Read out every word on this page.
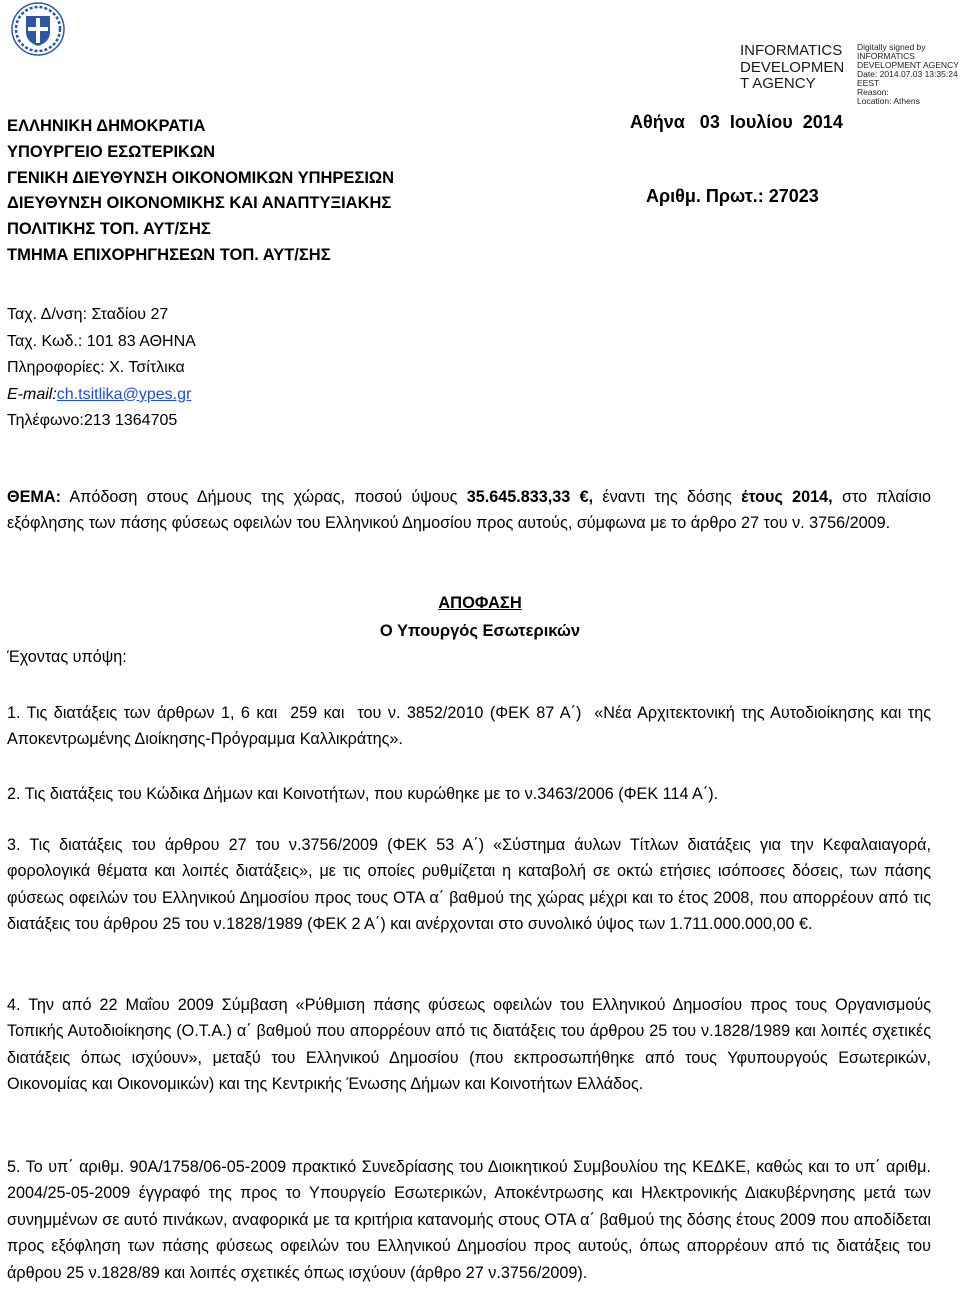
INFORMATICS
DEVELOPMEN
T AGENCY
Digitally signed by
INFORMATICS
DEVELOPMENT AGENCY
Date: 2014.07.03 13:35:24
EEST
Reason:
Location: Athens
ΕΛΛΗΝΙΚΗ ΔΗΜΟΚΡΑΤΙΑ
ΥΠΟΥΡΓΕΙΟ ΕΣΩΤΕΡΙΚΩΝ
ΓΕΝΙΚΗ ΔΙΕΥΘΥΝΣΗ ΟΙΚΟΝΟΜΙΚΩΝ ΥΠΗΡΕΣΙΩΝ
ΔΙΕΥΘΥΝΣΗ ΟΙΚΟΝΟΜΙΚΗΣ ΚΑΙ ΑΝΑΠΤΥΞΙΑΚΗΣ
ΠΟΛΙΤΙΚΗΣ ΤΟΠ. ΑΥΤ/ΣΗΣ
ΤΜΗΜΑ ΕΠΙΧΟΡΗΓΗΣΕΩΝ ΤΟΠ. ΑΥΤ/ΣΗΣ
Αθήνα   03  Ιουλίου  2014
Αριθμ. Πρωτ.: 27023
Ταχ. Δ/νση: Σταδίου 27
Ταχ. Κωδ.: 101 83 ΑΘΗΝΑ
Πληροφορίες: Χ. Τσίτλικα
E-mail:ch.tsitlika@ypes.gr
Τηλέφωνο:213 1364705
ΘΕΜΑ: Απόδοση στους Δήμους της χώρας, ποσού ύψους 35.645.833,33 €, έναντι της δόσης έτους 2014, στο πλαίσιο εξόφλησης των πάσης φύσεως οφειλών του Ελληνικού Δημοσίου προς αυτούς, σύμφωνα με το άρθρο 27 του ν. 3756/2009.
ΑΠΟΦΑΣΗ
Ο Υπουργός Εσωτερικών
Έχοντας υπόψη:
1. Τις διατάξεις των άρθρων 1, 6 και  259 και  του ν. 3852/2010 (ΦΕΚ 87 Α΄)  «Νέα Αρχιτεκτονική της Αυτοδιοίκησης και της Αποκεντρωμένης Διοίκησης-Πρόγραμμα Καλλικράτης».
2. Τις διατάξεις του Κώδικα Δήμων και Κοινοτήτων, που κυρώθηκε με το ν.3463/2006 (ΦΕΚ 114 Α΄).
3. Τις διατάξεις του άρθρου 27 του ν.3756/2009 (ΦΕΚ 53 Α΄) «Σύστημα άυλων Τίτλων διατάξεις για την Κεφαλαιαγορά, φορολογικά θέματα και λοιπές διατάξεις», με τις οποίες ρυθμίζεται η καταβολή σε οκτώ ετήσιες ισόποσες δόσεις, των πάσης φύσεως οφειλών του Ελληνικού Δημοσίου προς τους ΟΤΑ α΄ βαθμού της χώρας μέχρι και το έτος 2008, που απορρέουν από τις διατάξεις του άρθρου 25 του ν.1828/1989 (ΦΕΚ 2 Α΄) και ανέρχονται στο συνολικό ύψος των 1.711.000.000,00 €.
4. Την από 22 Μαΐου 2009 Σύμβαση «Ρύθμιση πάσης φύσεως οφειλών του Ελληνικού Δημοσίου προς τους Οργανισμούς Τοπικής Αυτοδιοίκησης (Ο.Τ.Α.) α΄ βαθμού που απορρέουν από τις διατάξεις του άρθρου 25 του ν.1828/1989 και λοιπές σχετικές διατάξεις όπως ισχύουν», μεταξύ του Ελληνικού Δημοσίου (που εκπροσωπήθηκε από τους Υφυπουργούς Εσωτερικών, Οικονομίας και Οικονομικών) και της Κεντρικής Ένωσης Δήμων και Κοινοτήτων Ελλάδος.
5. Το υπ΄ αριθμ. 90Α/1758/06-05-2009 πρακτικό Συνεδρίασης του Διοικητικού Συμβουλίου της ΚΕΔΚΕ, καθώς και το υπ΄ αριθμ. 2004/25-05-2009 έγγραφό της προς το Υπουργείο Εσωτερικών, Αποκέντρωσης και Ηλεκτρονικής Διακυβέρνησης μετά των συνημμένων σε αυτό πινάκων, αναφορικά με τα κριτήρια κατανομής στους ΟΤΑ α΄ βαθμού της δόσης έτους 2009 που αποδίδεται προς εξόφληση των πάσης φύσεως οφειλών του Ελληνικού Δημοσίου προς αυτούς, όπως απορρέουν από τις διατάξεις του άρθρου 25 ν.1828/89 και λοιπές σχετικές όπως ισχύουν (άρθρο 27 ν.3756/2009).
